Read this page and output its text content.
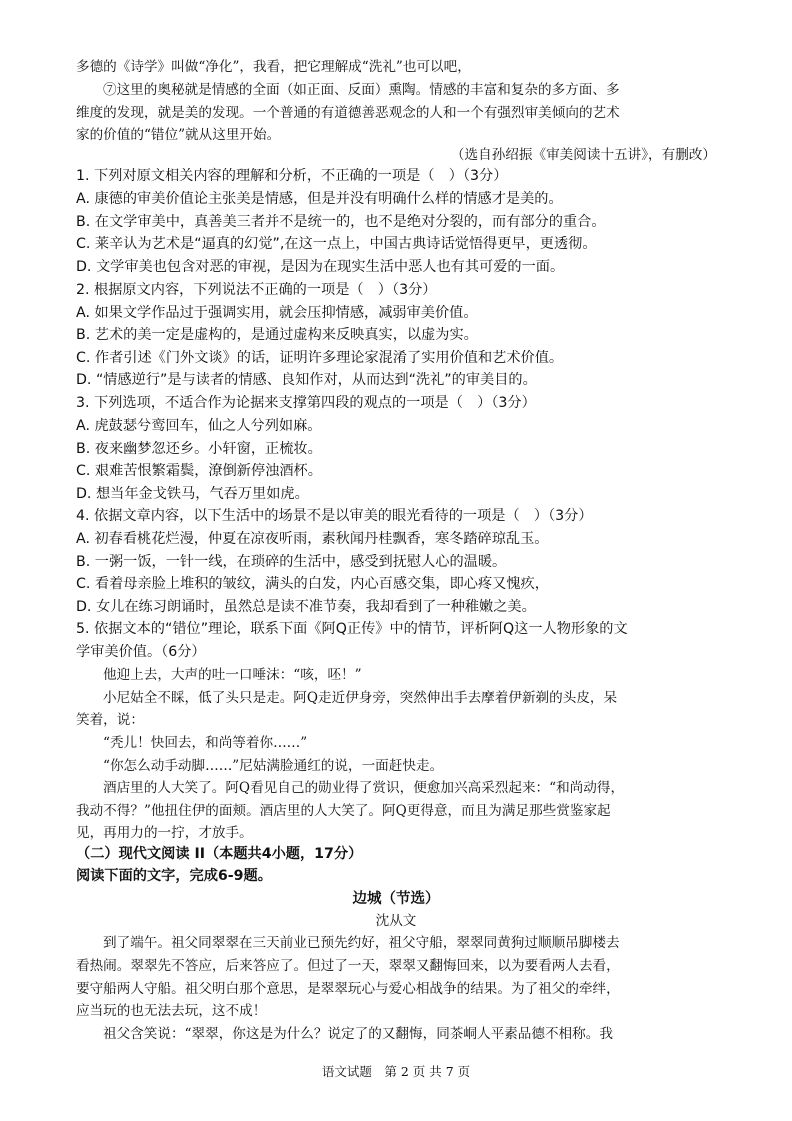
多德的《诗学》叫做“净化”，我看，把它理解成“洗礼”也可以吧，
⑦这里的奥秘就是情感的全面（如正面、反面）熏陶。情感的丰富和复杂的多方面、多
维度的发现，就是美的发现。一个普通的有道德善恶观念的人和一个有强烈审美倾向的艺术
家的价值的“错位”就从这里开始。
（选自孙绍振《审美阅读十五讲》，有删改）
1. 下列对原文相关内容的理解和分析，不正确的一项是（　）（3分）
A. 康德的审美价值论主张美是情感，但是并没有明确什么样的情感才是美的。
B. 在文学审美中，真善美三者并不是统一的，也不是绝对分裂的，而有部分的重合。
C. 莱辛认为艺术是“逼真的幻觉”,在这一点上，中国古典诗话觉悟得更早，更透彻。
D. 文学审美也包含对恶的审视，是因为在现实生活中恶人也有其可爱的一面。
2. 根据原文内容，下列说法不正确的一项是（　）（3分）
A. 如果文学作品过于强调实用，就会压抑情感，减弱审美价值。
B. 艺术的美一定是虚构的，是通过虚构来反映真实，以虚为实。
C. 作者引述《门外文谈》的话，证明许多理论家混淆了实用价值和艺术价值。
D. “情感逆行”是与读者的情感、良知作对，从而达到“洗礼”的审美目的。
3. 下列选项，不适合作为论据来支撑第四段的观点的一项是（　）（3分）
A. 虎鼓瑟兮鸾回车，仙之人兮列如麻。
B. 夜来幽梦忽还乡。小轩窗，正梳妆。
C. 艰难苦恨繁霜鬓，潦倒新停浊酒杯。
D. 想当年金戈铁马，气吞万里如虎。
4. 依据文章内容，以下生活中的场景不是以审美的眼光看待的一项是（　）（3分）
A. 初春看桃花烂漫，仲夏在凉夜听雨，素秋闻丹桂飘香，寒冬踏碎琼乱玉。
B. 一粥一饭，一针一线，在琐碎的生活中，感受到抚慰人心的温暖。
C. 看着母亲脸上堆积的皱纹，满头的白发，内心百感交集，即心疼又愧疚，
D. 女儿在练习朗诵时，虽然总是读不准节奏，我却看到了一种稚嫩之美。
5. 依据文本的“错位”理论，联系下面《阿Q正传》中的情节，评析阿Q这一人物形象的文
学审美价值。（6分）
他迎上去，大声的吐一口唾沫：“咳，呸！”
小尼姑全不睬，低了头只是走。阿Q走近伊身旁，突然伸出手去摩着伊新剃的头皮，呆
笑着，说：
“秃儿！快回去，和尚等着你……”
“你怎么动手动脚……”尼姑满脸通红的说，一面赶快走。
酒店里的人大笑了。阿Q看见自己的勋业得了赏识，便愈加兴高采烈起来：“和尚动得，
我动不得？”他扭住伊的面颊。酒店里的人大笑了。阿Q更得意，而且为满足那些赏鉴家起
见，再用力的一拧，才放手。
（二）现代文阅读 II（本题共4小题，17分）
阅读下面的文字，完成6-9题。
边城（节选）
沈从文
到了端午。祖父同翠翠在三天前业已预先约好，祖父守船，翠翠同黄狗过顺顺吊脚楼去
看热闹。翠翠先不答应，后来答应了。但过了一天，翠翠又翻悔回来，以为要看两人去看，
要守船两人守船。祖父明白那个意思，是翠翠玩心与爱心相战争的结果。为了祖父的牵绊，
应当玩的也无法去玩，这不成！
祖父含笑说：“翠翠，你这是为什么？说定了的又翻悔，同茶峒人平素品德不相称。我
语文试题　第 2 页 共 7 页
